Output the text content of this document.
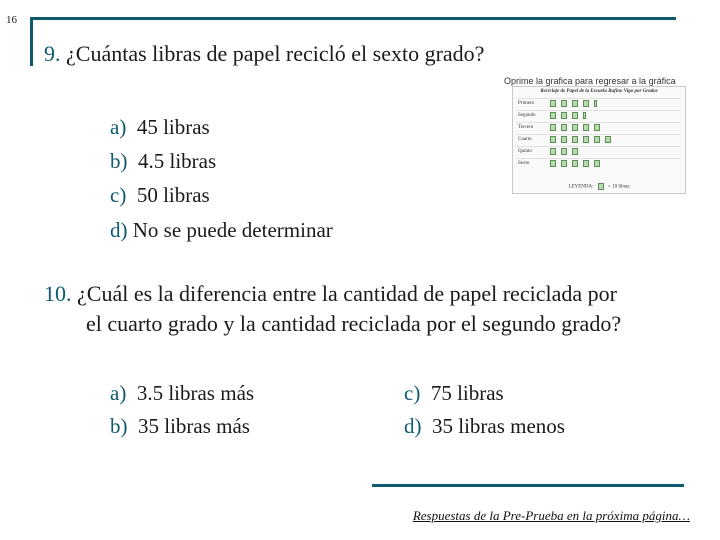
16
9. ¿Cuántas libras de papel recicló el sexto grado?
Oprime la grafica para regresar a la gráfica
Reciclaje de Papel de la Escuela Rufino Vigo por Grados
Primero
Segundo
Tercero
Cuarto
Quinto
Sexto
LEYENDA:	= 10 libras
a) 45 libras
b) 4.5 libras
c) 50 libras
d) No se puede determinar
10. ¿Cuál es la diferencia entre la cantidad de papel reciclada por
el cuarto grado y la cantidad reciclada por el segundo grado?
a) 3.5 libras más
b) 35 libras más
c) 75 libras
d) 35 libras menos
Respuestas de la Pre-Prueba en la próxima página…
